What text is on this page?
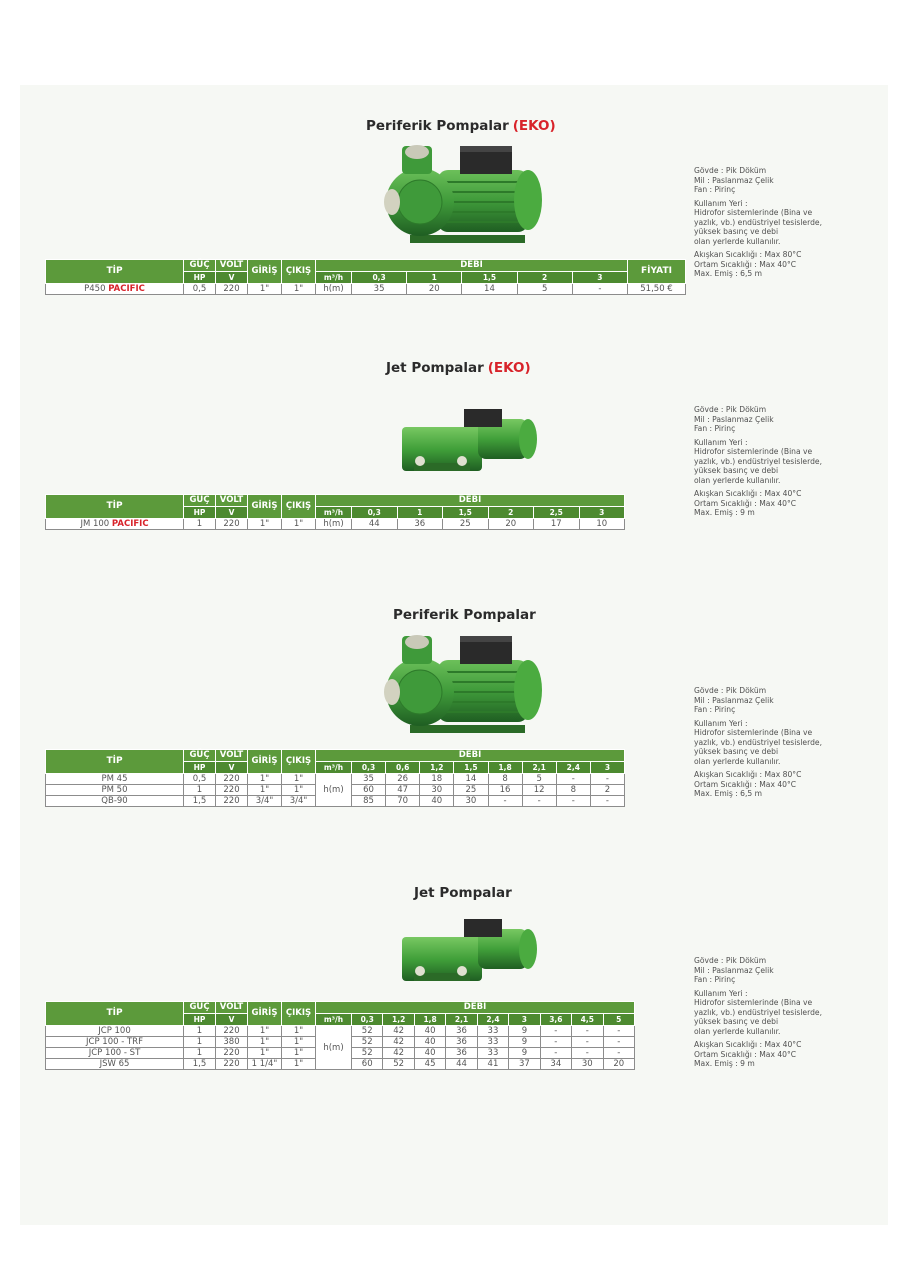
Periferik Pompalar (EKO)
TİP	GÜÇ	VOLT	GİRİŞ	ÇIKIŞ	DEBİ						FİYATI
	HP	V			m³/h	0,3	1	1,5	2	3	
P450 PACIFIC	0,5	220	1"	1"	h(m)	35	20	14	5	-	51,50 €
Gövde : Pik Döküm
Mil : Paslanmaz Çelik
Fan : Pirinç
Kullanım Yeri :
Hidrofor sistemlerinde (Bina ve
yazlık, vb.) endüstriyel tesislerde,
yüksek basınç ve debi
olan yerlerde kullanılır.
Akışkan Sıcaklığı : Max 80°C
Ortam Sıcaklığı : Max 40°C
Max. Emiş : 6,5 m
Jet Pompalar (EKO)
TİP	GÜÇ	VOLT	GİRİŞ	ÇIKIŞ	DEBİ						
	HP	V			m³/h	0,3	1	1,5	2	2,5	3
JM 100 PACIFIC	1	220	1"	1"	h(m)	44	36	25	20	17	10
Gövde : Pik Döküm
Mil : Paslanmaz Çelik
Fan : Pirinç
Kullanım Yeri :
Hidrofor sistemlerinde (Bina ve
yazlık, vb.) endüstriyel tesislerde,
yüksek basınç ve debi
olan yerlerde kullanılır.
Akışkan Sıcaklığı : Max 40°C
Ortam Sıcaklığı : Max 40°C
Max. Emiş : 9 m
Periferik Pompalar
TİP	GÜÇ	VOLT	GİRİŞ	ÇIKIŞ	DEBİ								
	HP	V			m³/h	0,3	0,6	1,2	1,5	1,8	2,1	2,4	3
PM 45	0,5	220	1"	1"	h(m)	35	26	18	14	8	5	-	-
PM 50	1	220	1"	1"		60	47	30	25	16	12	8	2
QB-90	1,5	220	3/4"	3/4"		85	70	40	30	-	-	-	-
Gövde : Pik Döküm
Mil : Paslanmaz Çelik
Fan : Pirinç
Kullanım Yeri :
Hidrofor sistemlerinde (Bina ve
yazlık, vb.) endüstriyel tesislerde,
yüksek basınç ve debi
olan yerlerde kullanılır.
Akışkan Sıcaklığı : Max 80°C
Ortam Sıcaklığı : Max 40°C
Max. Emiş : 6,5 m
Jet Pompalar
TİP	GÜÇ	VOLT	GİRİŞ	ÇIKIŞ	DEBİ									
	HP	V			m³/h	0,3	1,2	1,8	2,1	2,4	3	3,6	4,5	5
JCP 100	1	220	1"	1"	h(m)	52	42	40	36	33	9	-	-	-
JCP 100 - TRF	1	380	1"	1"		52	42	40	36	33	9	-	-	-
JCP 100 - ST	1	220	1"	1"		52	42	40	36	33	9	-	-	-
JSW 65	1,5	220	1 1/4"	1"		60	52	45	44	41	37	34	30	20
Gövde : Pik Döküm
Mil : Paslanmaz Çelik
Fan : Pirinç
Kullanım Yeri :
Hidrofor sistemlerinde (Bina ve
yazlık, vb.) endüstriyel tesislerde,
yüksek basınç ve debi
olan yerlerde kullanılır.
Akışkan Sıcaklığı : Max 40°C
Ortam Sıcaklığı : Max 40°C
Max. Emiş : 9 m
